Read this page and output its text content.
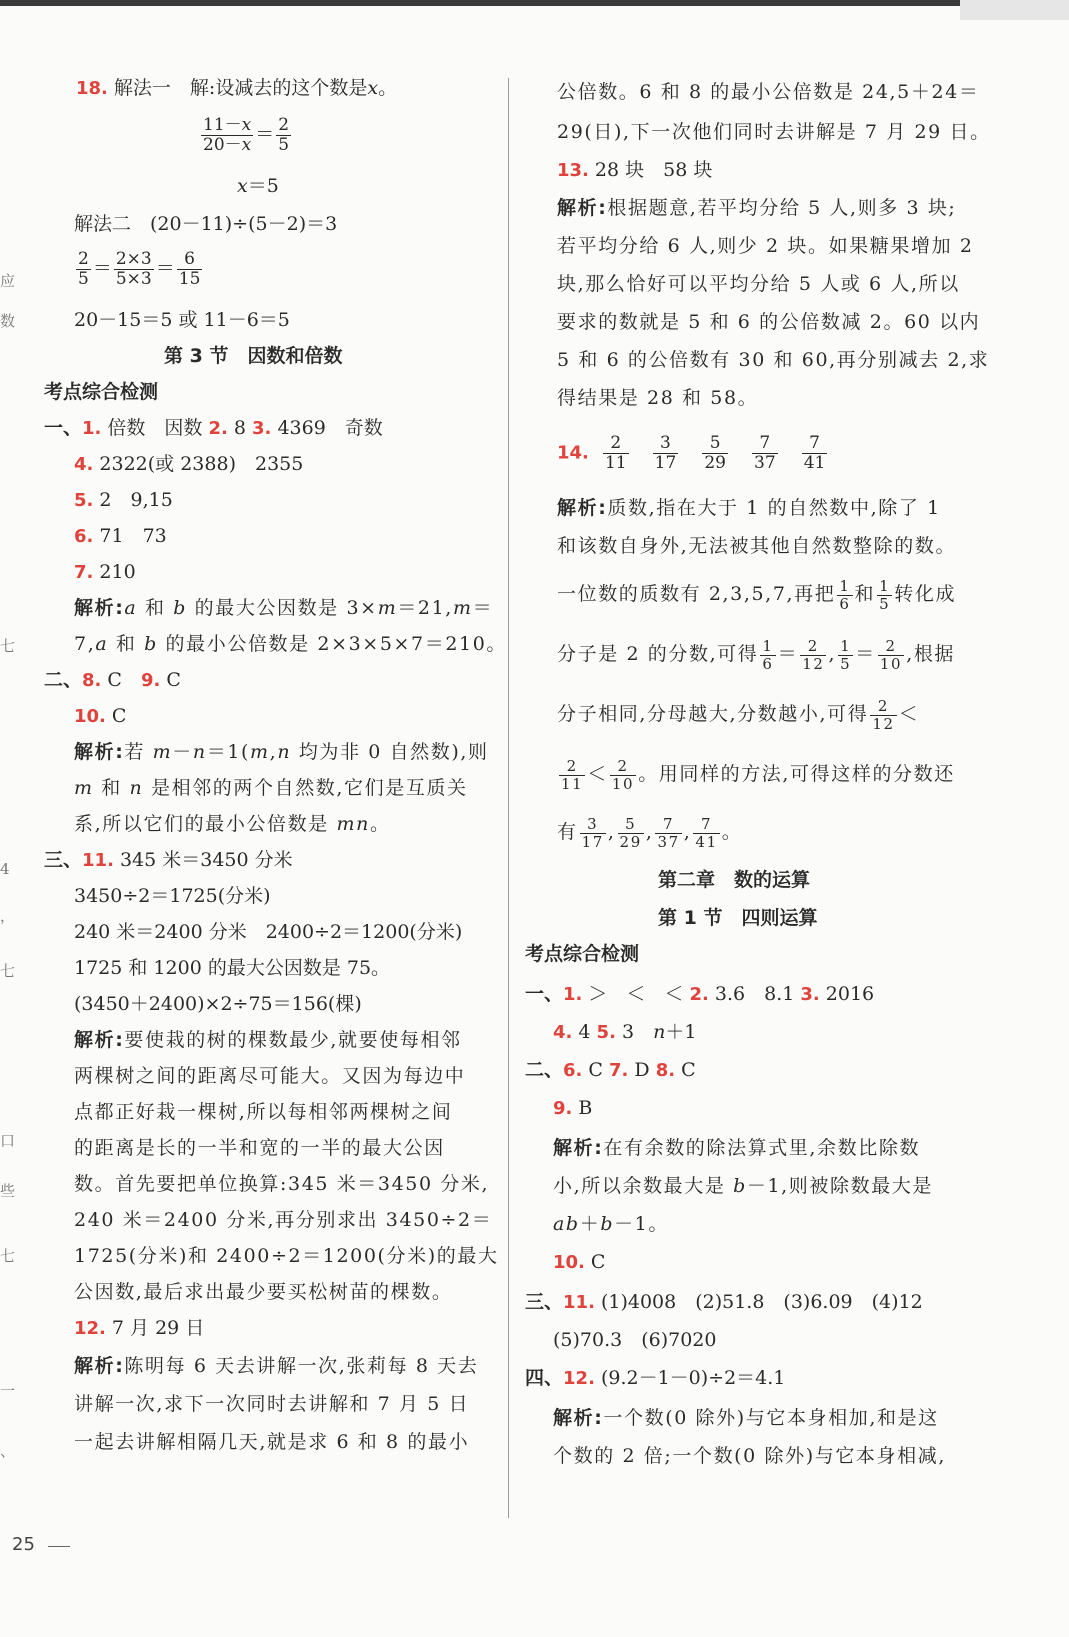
应
数
七
4
，
七
口
些
七
一
、
18. 解法一　解:设减去的这个数是x。
$\frac{11-x}{20-x} = \frac{2}{5}$
x＝5
解法二　(20－11)÷(5－2)＝3
$\frac{2}{5} = \frac{2\times 3}{5\times 3} = \frac{6}{15}$
20－15＝5 或 11－6＝5
第 3 节　因数和倍数
考点综合检测
一、1. 倍数　因数 2. 8 3. 4369　奇数
4. 2322(或 2388)　2355
5. 2　9,15
6. 71　73
7. 210
解析:a 和 b 的最大公因数是 3×m＝21,m＝
7,a 和 b 的最小公倍数是 2×3×5×7＝210。
二、8. C　9. C
10. C
解析:若 m－n＝1(m,n 均为非 0 自然数),则
m 和 n 是相邻的两个自然数,它们是互质关
系,所以它们的最小公倍数是 mn。
三、11. 345 米＝3450 分米
3450÷2＝1725(分米)
240 米＝2400 分米　2400÷2＝1200(分米)
1725 和 1200 的最大公因数是 75。
(3450＋2400)×2÷75＝156(棵)
解析:要使栽的树的棵数最少,就要使每相邻
两棵树之间的距离尽可能大。又因为每边中
点都正好栽一棵树,所以每相邻两棵树之间
的距离是长的一半和宽的一半的最大公因
数。首先要把单位换算:345 米＝3450 分米,
240 米＝2400 分米,再分别求出 3450÷2＝
1725(分米)和 2400÷2＝1200(分米)的最大
公因数,最后求出最少要买松树苗的棵数。
12. 7 月 29 日
解析:陈明每 6 天去讲解一次,张莉每 8 天去
讲解一次,求下一次同时去讲解和 7 月 5 日
一起去讲解相隔几天,就是求 6 和 8 的最小
公倍数。6 和 8 的最小公倍数是 24,5＋24＝
29(日),下一次他们同时去讲解是 7 月 29 日。
13. 28 块　58 块
解析:根据题意,若平均分给 5 人,则多 3 块;
若平均分给 6 人,则少 2 块。如果糖果增加 2
块,那么恰好可以平均分给 5 人或 6 人,所以
要求的数就是 5 和 6 的公倍数减 2。60 以内
5 和 6 的公倍数有 30 和 60,再分别减去 2,求
得结果是 28 和 58。
14. $\frac{2}{11}$
$\frac{3}{17}$
$\frac{5}{29}$
$\frac{7}{37}$
$\frac{7}{41}$
解析:质数,指在大于 1 的自然数中,除了 1
和该数自身外,无法被其他自然数整除的数。
一位数的质数有 2,3,5,7,再把 $\frac{1}{6}$ 和 $\frac{1}{5}$ 转化成
分子是 2 的分数,可得 $\frac{1}{6} = \frac{2}{12}$ , $\frac{1}{5} = \frac{2}{10}$ ,根据
分子相同,分母越大,分数越小,可得 $\frac{2}{12}$ ＜
$\frac{2}{11} < \frac{2}{10}$ 。用同样的方法,可得这样的分数还
有 $\frac{3}{17}$ , $\frac{5}{29}$ , $\frac{7}{37}$ , $\frac{7}{41}$ 。
第二章　数的运算
第 1 节　四则运算
考点综合检测
一、1. ＞　＜　＜ 2. 3.6　8.1 3. 2016
4. 4 5. 3　n＋1
二、6. C 7. D 8. C
9. B
解析:在有余数的除法算式里,余数比除数
小,所以余数最大是 b－1,则被除数最大是
ab＋b－1。
10. C
三、11. (1)4008　(2)51.8　(3)6.09　(4)12
(5)70.3　(6)7020
四、12. (9.2－1－0)÷2＝4.1
解析:一个数(0 除外)与它本身相加,和是这
个数的 2 倍;一个数(0 除外)与它本身相减,
25
